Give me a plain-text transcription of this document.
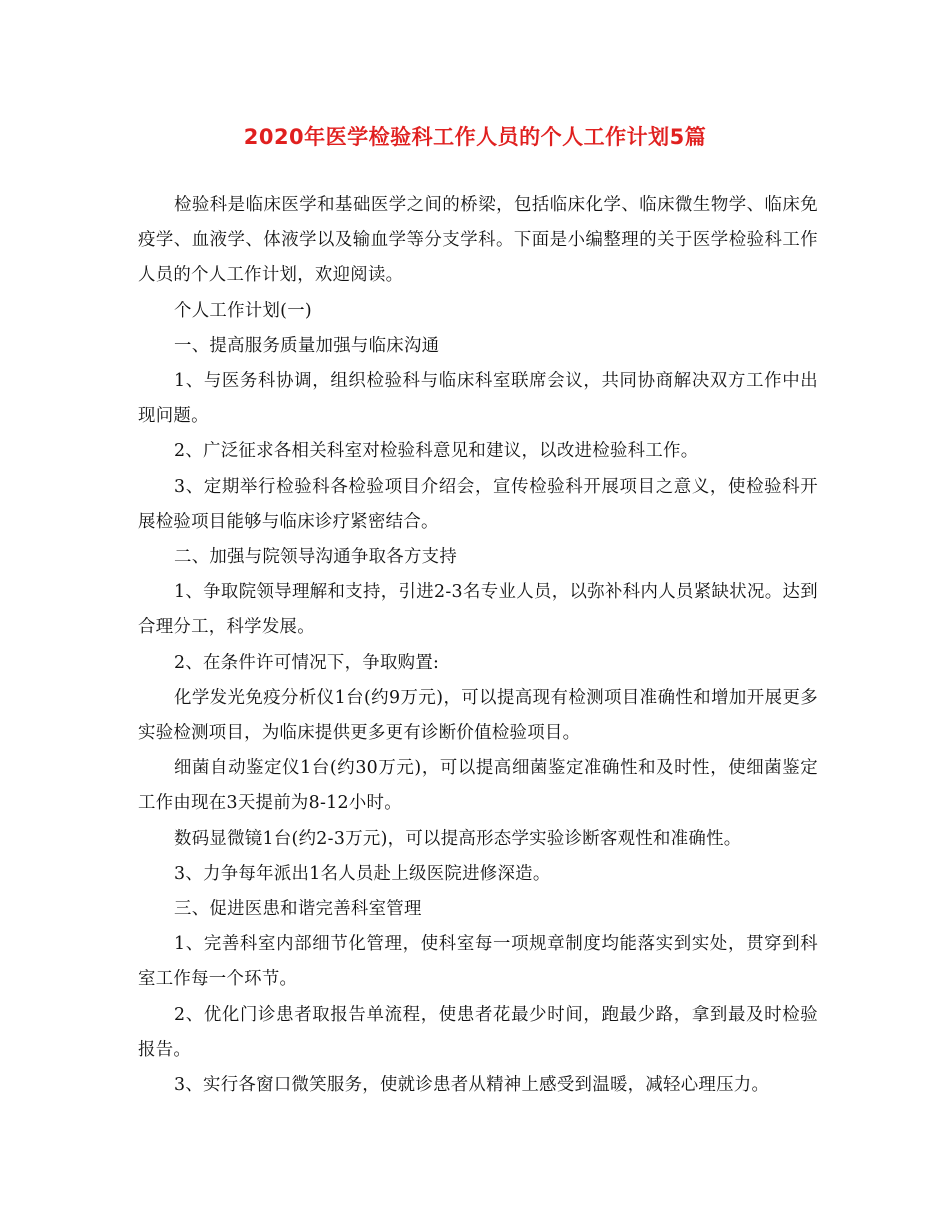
2020年医学检验科工作人员的个人工作计划5篇

检验科是临床医学和基础医学之间的桥梁，包括临床化学、临床微生物学、临床免疫学、血液学、体液学以及输血学等分支学科。下面是小编整理的关于医学检验科工作人员的个人工作计划，欢迎阅读。

个人工作计划(一)

一、提高服务质量加强与临床沟通

1、与医务科协调，组织检验科与临床科室联席会议，共同协商解决双方工作中出现问题。

2、广泛征求各相关科室对检验科意见和建议，以改进检验科工作。

3、定期举行检验科各检验项目介绍会，宣传检验科开展项目之意义，使检验科开展检验项目能够与临床诊疗紧密结合。

二、加强与院领导沟通争取各方支持

1、争取院领导理解和支持，引进2-3名专业人员，以弥补科内人员紧缺状况。达到合理分工，科学发展。

2、在条件许可情况下，争取购置:

化学发光免疫分析仪1台(约9万元)，可以提高现有检测项目准确性和增加开展更多实验检测项目，为临床提供更多更有诊断价值检验项目。

细菌自动鉴定仪1台(约30万元)，可以提高细菌鉴定准确性和及时性，使细菌鉴定工作由现在3天提前为8-12小时。

数码显微镜1台(约2-3万元)，可以提高形态学实验诊断客观性和准确性。

3、力争每年派出1名人员赴上级医院进修深造。

三、促进医患和谐完善科室管理

1、完善科室内部细节化管理，使科室每一项规章制度均能落实到实处，贯穿到科室工作每一个环节。

2、优化门诊患者取报告单流程，使患者花最少时间，跑最少路，拿到最及时检验报告。

3、实行各窗口微笑服务，使就诊患者从精神上感受到温暖，减轻心理压力。
